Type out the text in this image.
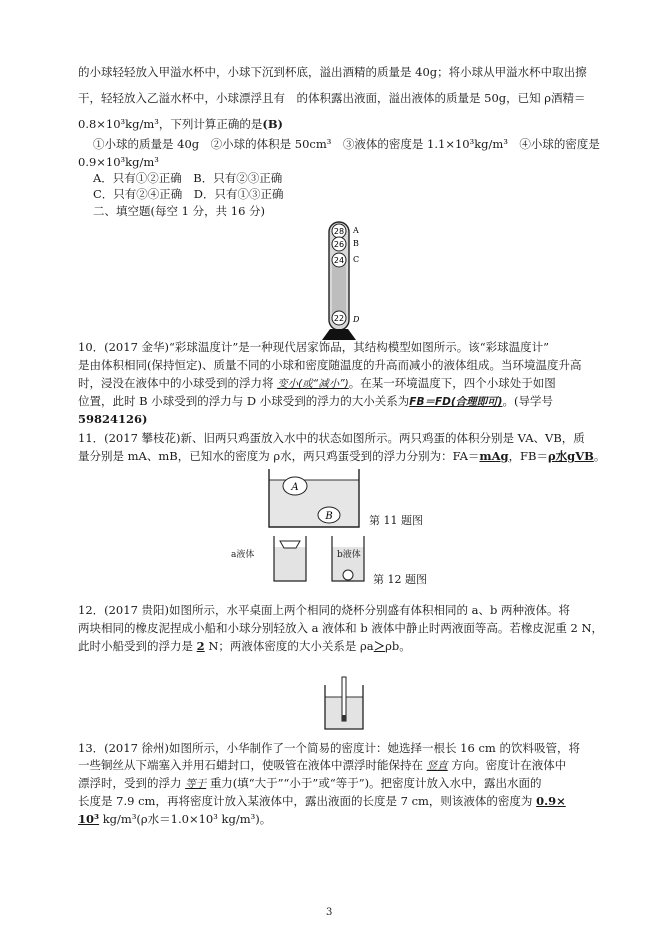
的小球轻轻放入甲溢水杯中，小球下沉到杯底，溢出酒精的质量是 40g；将小球从甲溢水杯中取出擦
干，轻轻放入乙溢水杯中，小球漂浮且有　的体积露出液面，溢出液体的质量是 50g，已知 ρ酒精＝
0.8×10³kg/m³，下列计算正确的是(B)
①小球的质量是 40g　②小球的体积是 50cm³　③液体的密度是 1.1×10³kg/m³　④小球的密度是
0.9×10³kg/m³
A．只有①②正确　B．只有②③正确
C．只有②④正确　D．只有①③正确
二、填空题(每空 1 分，共 16 分)
28
26
24
22
A
B
C
D
10．(2017 金华)“彩球温度计”是一种现代居家饰品，其结构模型如图所示。该“彩球温度计”
是由体积相同(保持恒定)、质量不同的小球和密度随温度的升高而减小的液体组成。当环境温度升高
时，浸没在液体中的小球受到的浮力将 变小(或“减小”)。在某一环境温度下，四个小球处于如图
位置，此时 B 小球受到的浮力与 D 小球受到的浮力的大小关系为FB＝FD(合理即可)。(导学号
59824126)
11．(2017 攀枝花)新、旧两只鸡蛋放入水中的状态如图所示。两只鸡蛋的体积分别是 VA、VB，质
量分别是 mA、mB，已知水的密度为 ρ水，两只鸡蛋受到的浮力分别为：FA＝mAg，FB＝ρ水gVB。
A
B	第 11 题图
a液体	b液体
第 12 题图
12．(2017 贵阳)如图所示，水平桌面上两个相同的烧杯分别盛有体积相同的 a、b 两种液体。将
两块相同的橡皮泥捏成小船和小球分别轻放入 a 液体和 b 液体中静止时两液面等高。若橡皮泥重 2 N，
此时小船受到的浮力是 2 N；两液体密度的大小关系是 ρa＞ρb。
13．(2017 徐州)如图所示，小华制作了一个简易的密度计：她选择一根长 16 cm 的饮料吸管，将
一些铜丝从下端塞入并用石蜡封口，使吸管在液体中漂浮时能保持在 竖直 方向。密度计在液体中
漂浮时，受到的浮力 等于 重力(填“大于”“小于”或“等于”)。把密度计放入水中，露出水面的
长度是 7.9 cm，再将密度计放入某液体中，露出液面的长度是 7 cm，则该液体的密度为 0.9×
10³ kg/m³(ρ水＝1.0×10³ kg/m³)。
3
